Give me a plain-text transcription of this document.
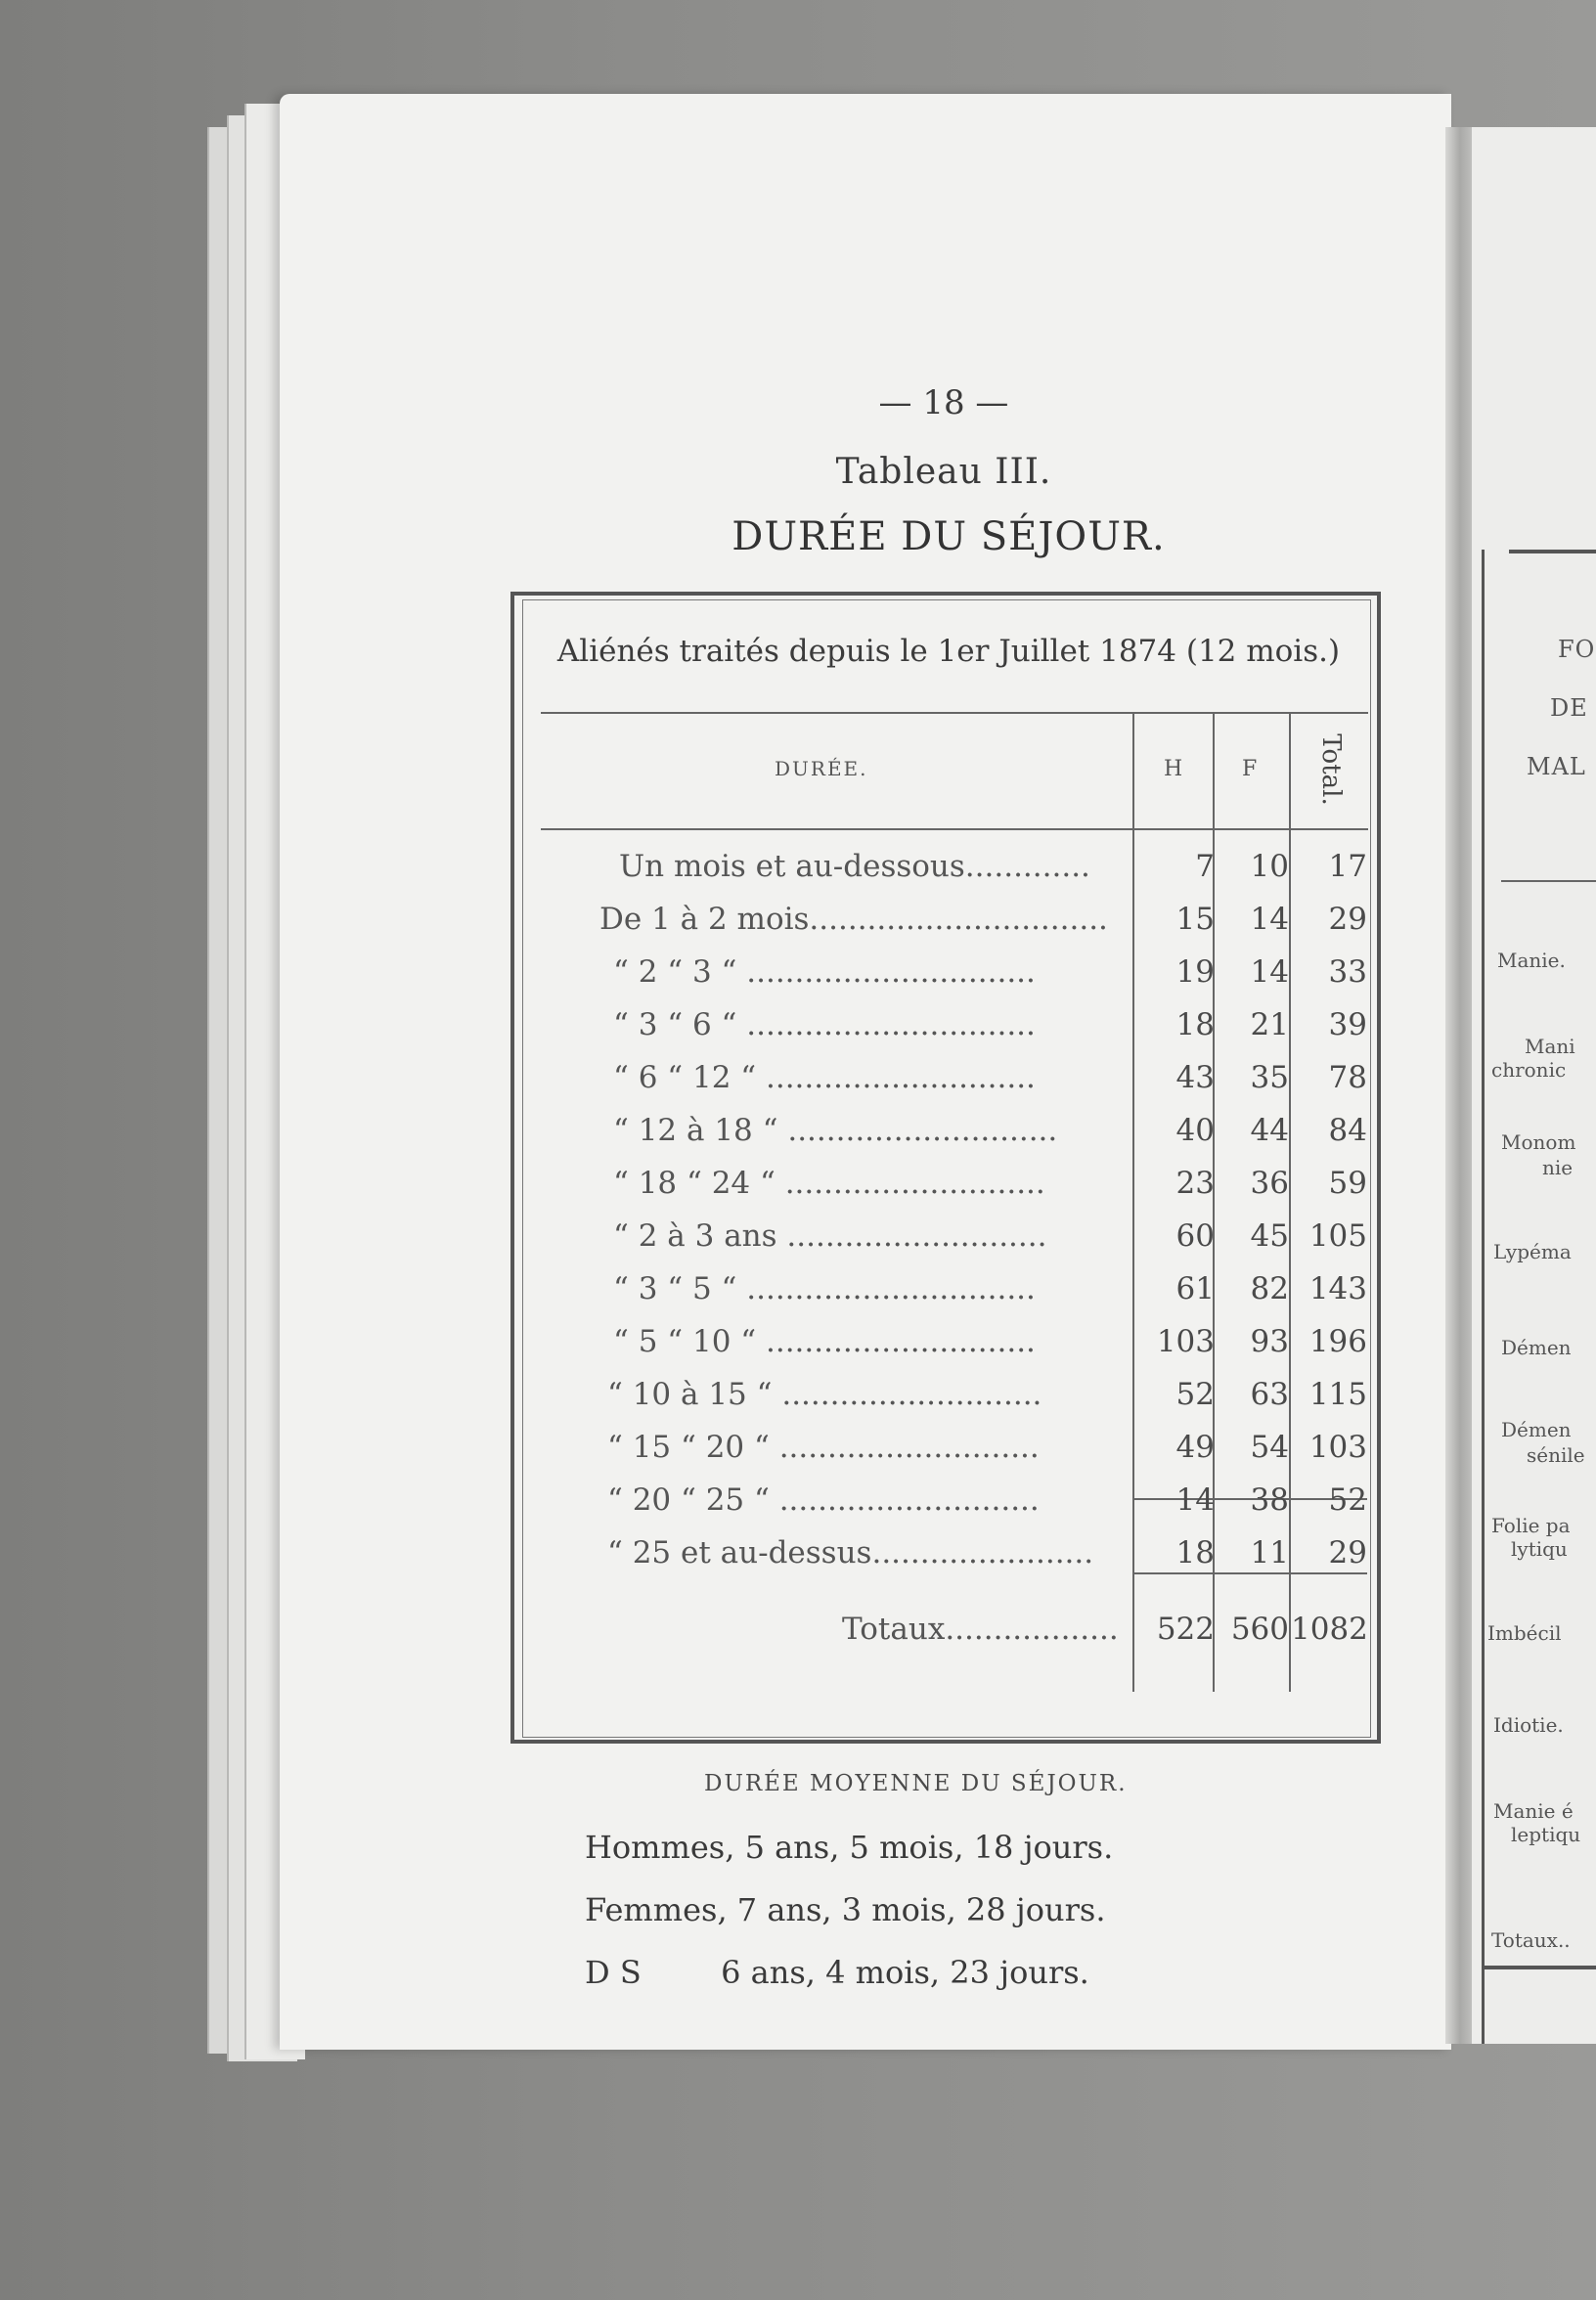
— 18 —
Tableau III.
DURÉE DU SÉJOUR.
Aliénés traités depuis le 1er Juillet 1874 (12 mois.)
DURÉE.	H	F Total.
Un mois et au-dessous.............	7	10	17
De 1 à 2 mois...............................	15	14	29
“ 2 “ 3 “ ..............................	19	14	33
“ 3 “ 6 “ ..............................	18	21	39
“ 6 “ 12 “ ............................	43	35	78
“ 12 à 18 “ ............................	40	44	84
“ 18 “ 24 “ ...........................	23	36	59
“ 2 à 3 ans ...........................	60	45 105
“ 3 “ 5 “ ..............................	61	82 143
“ 5 “ 10 “ ............................	103	93 196
“ 10 à 15 “ ...........................	52	63 115
“ 15 “ 20 “ ...........................	49	54 103
“ 20 “ 25 “ ...........................	14	38	52
“ 25 et au-dessus.......................	18	11	29
Totaux..................	522 560 1082
DURÉE MOYENNE DU SÉJOUR.
Hommes, 5 ans, 5 mois, 18 jours.
Femmes, 7 ans, 3 mois, 28 jours.
D S        6 ans, 4 mois, 23 jours.
FO
DE
MAL
Manie.
Mani
chronic
Monom
nie
Lypéma
Démen
Démen
sénile
Folie pa
lytiqu
Imbécil
Idiotie.
Manie é
leptiqu
Totaux..
